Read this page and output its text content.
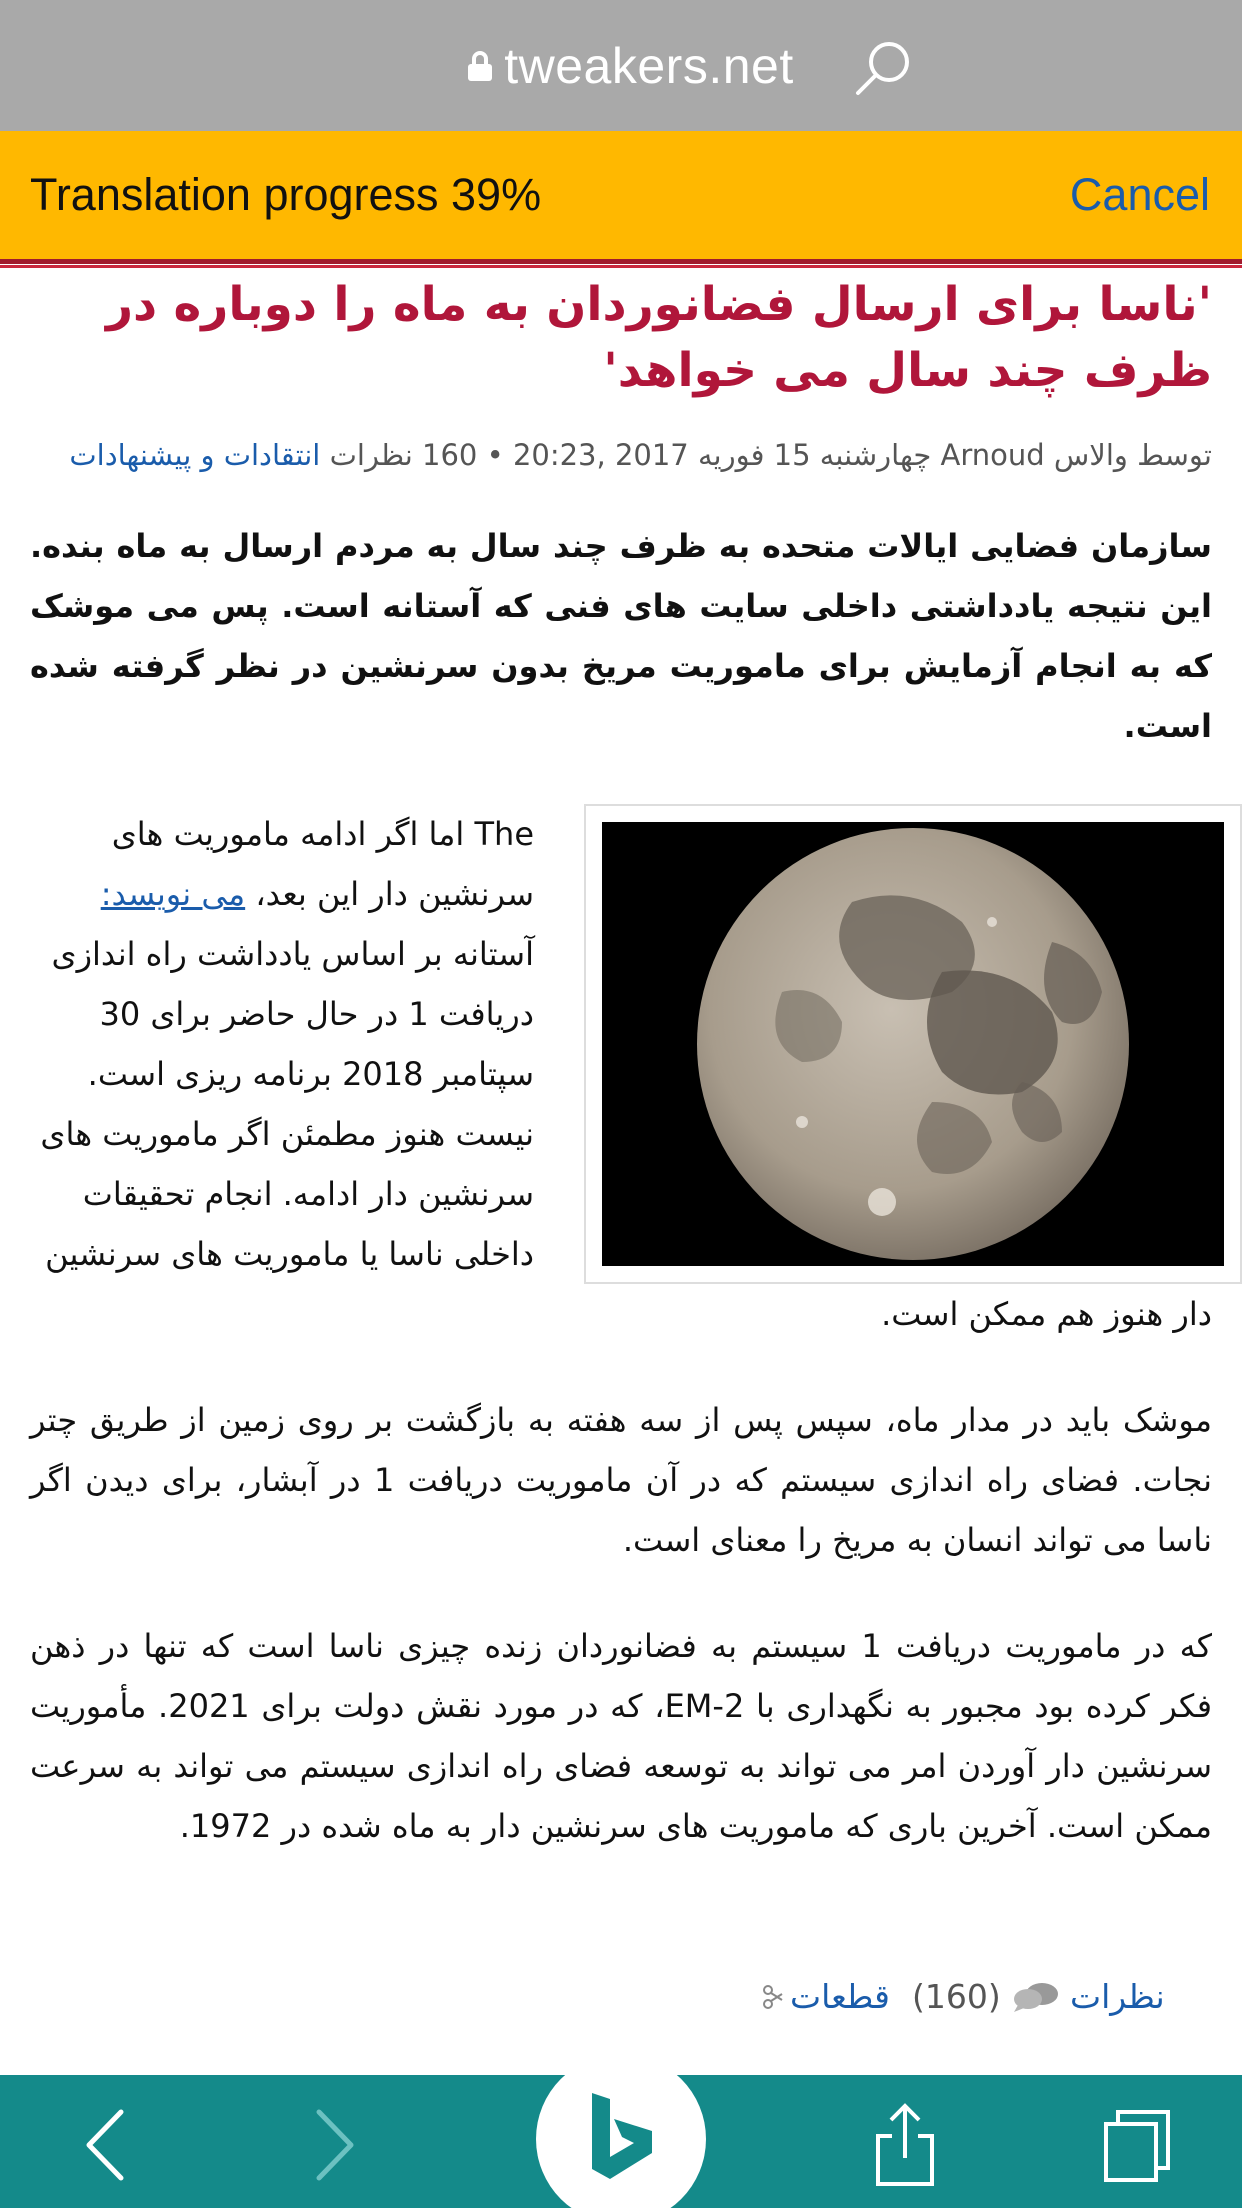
tweakers.net
Translation progress 39%	Cancel
'ناسا برای ارسال فضانوردان به ماه را دوباره در ظرف چند سال می خواهد'
توسط والاس Arnoud چهارشنبه 15 فوریه 2017 ,20:23 • 160 نظرات انتقادات و پیشنهادات
سازمان فضایی ایالات متحده به ظرف چند سال به مردم ارسال به ماه بنده. این نتیجه یادداشتی داخلی سایت های فنی که آستانه است. پس می موشک که به انجام آزمایش برای ماموریت مریخ بدون سرنشین در نظر گرفته شده است.
The اما اگر ادامه ماموریت های
سرنشین دار این بعد، می نویسد:
آستانه بر اساس یادداشت راه اندازی
دریافت 1 در حال حاضر برای 30
سپتامبر 2018 برنامه ریزی است.
نیست هنوز مطمئن اگر ماموریت های
سرنشین دار ادامه. انجام تحقیقات
داخلی ناسا یا ماموریت های سرنشین
دار هنوز هم ممکن است.

موشک باید در مدار ماه، سپس پس از سه هفته به بازگشت بر روی زمین از طریق چتر نجات. فضای راه اندازی سیستم که در آن ماموریت دریافت 1 در آبشار، برای دیدن اگر ناسا می تواند انسان به مریخ را معنای است.

که در ماموریت دریافت 1 سیستم به فضانوردان زنده چیزی ناسا است که تنها در ذهن فکر کرده بود مجبور به نگهداری با EM-2، که در مورد نقش دولت برای 2021. مأموریت سرنشین دار آوردن امر می تواند به توسعه فضای راه اندازی سیستم می تواند به سرعت ممکن است. آخرین باری که ماموریت های سرنشین دار به ماه شده در 1972.

قطعات (160) نظرات
